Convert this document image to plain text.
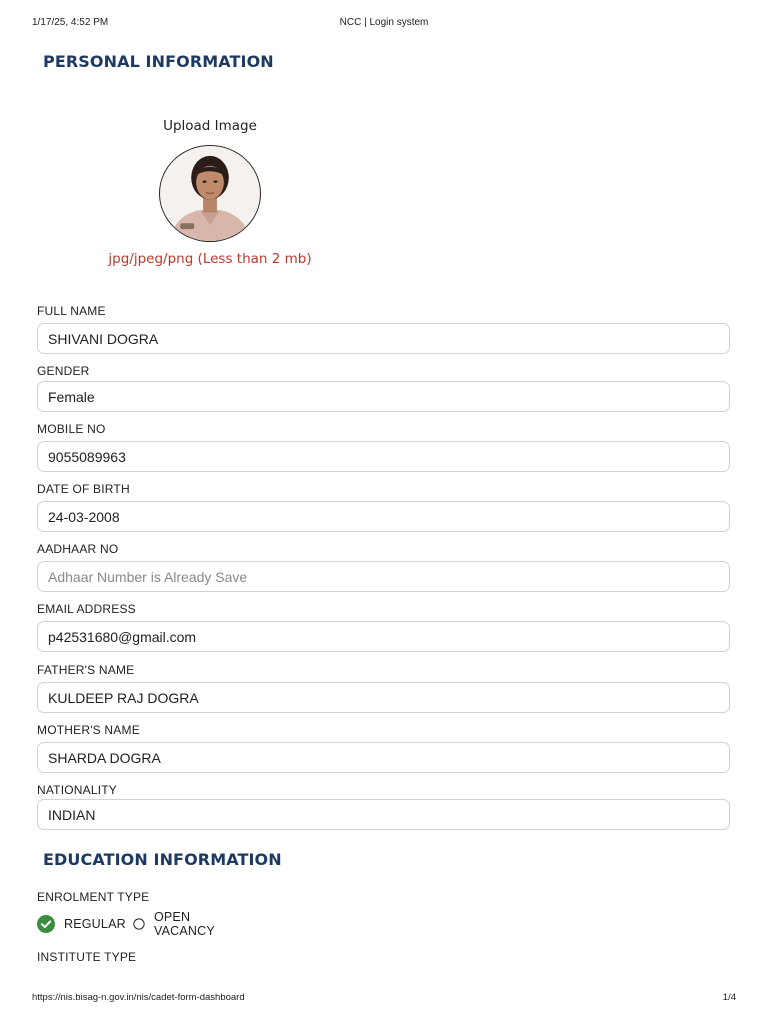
1/17/25, 4:52 PM	NCC | Login system
PERSONAL INFORMATION
Upload Image
jpg/jpeg/png (Less than 2 mb)
FULL NAME
SHIVANI DOGRA
GENDER
Female
MOBILE NO
9055089963
DATE OF BIRTH
24-03-2008
AADHAAR NO
Adhaar Number is Already Save
EMAIL ADDRESS
p42531680@gmail.com
FATHER'S NAME
KULDEEP RAJ DOGRA
MOTHER'S NAME
SHARDA DOGRA
NATIONALITY
INDIAN
EDUCATION INFORMATION
ENROLMENT TYPE
REGULAR OPEN VACANCY
INSTITUTE TYPE
https://nis.bisag-n.gov.in/nis/cadet-form-dashboard	1/4
